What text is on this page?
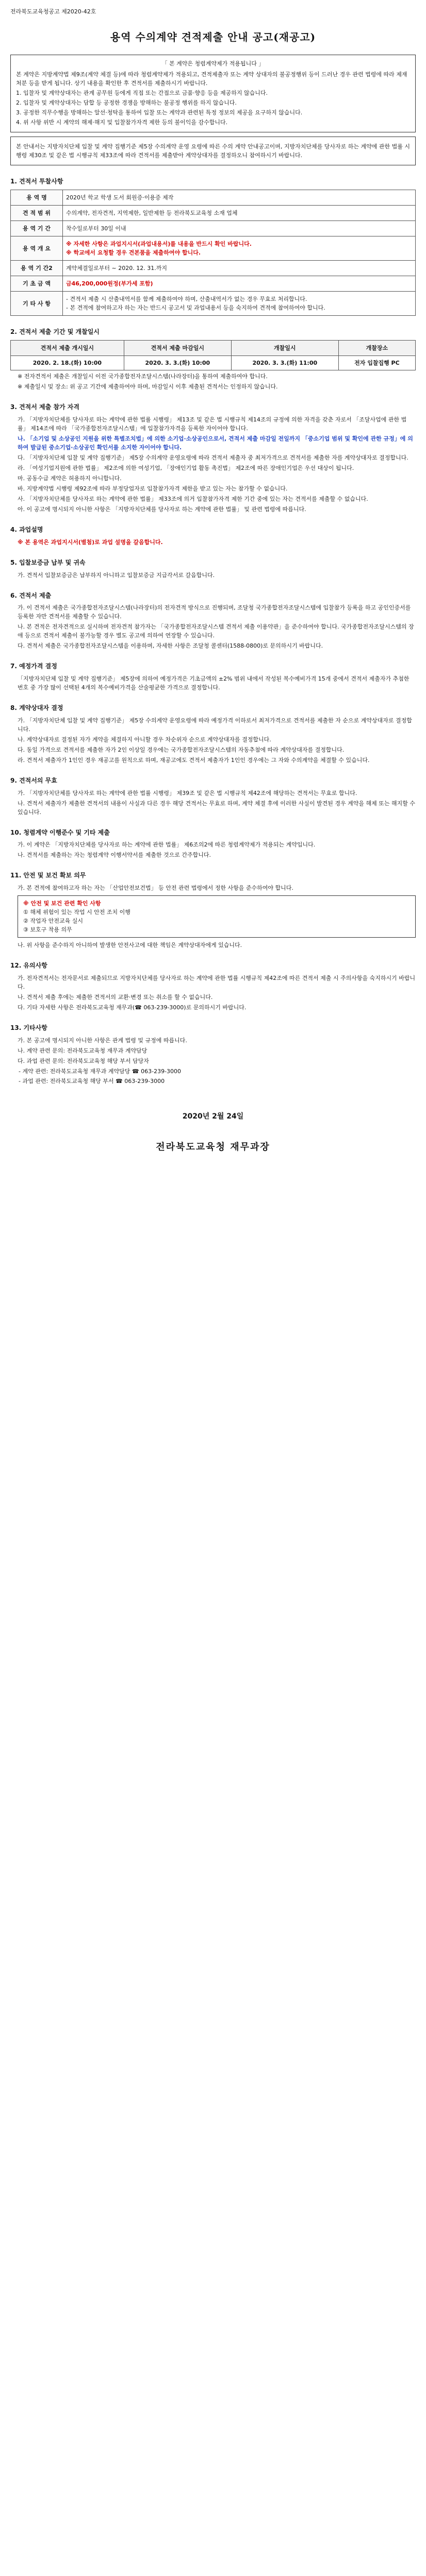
전라북도교육청공고 제2020-42호
용역 수의계약 견적제출 안내 공고(재공고)
「 본 계약은 청렴계약제가 적용됩니다 」

본 계약은 지방계약법 제9조(계약 체결 등)에 따라 청렴계약제가 적용되고, 견적제출자 또는 계약 상대자의 불공정행위 등이 드러난 경우 관련 법령에 따라 제재 처분 등을 받게 됩니다. 상기 내용을 확인한 후 견적서를 제출하시기 바랍니다.

1. 입찰자 및 계약상대자는 관계 공무원 등에게 직접 또는 간접으로 금품·향응 등을 제공하지 않습니다.

2. 입찰자 및 계약상대자는 담합 등 공정한 경쟁을 방해하는 불공정 행위를 하지 않습니다.

3. 공정한 직무수행을 방해하는 알선·청탁을 통하여 입찰 또는 계약과 관련된 특정 정보의 제공을 요구하지 않습니다.

4. 위 사항 위반 시 계약의 해제·해지 및 입찰참가자격 제한 등의 불이익을 감수합니다.

본 안내서는 지방자치단체 입찰 및 계약 집행기준 제5장 수의계약 운영 요령에 따른 수의 계약 안내공고이며, 지방자치단체를 당사자로 하는 계약에 관한 법률 시행령 제30조 및 같은 법 시행규칙 제33조에 따라 견적서를 제출받아 계약상대자를 결정하오니 참여하시기 바랍니다.

1. 견적서 투찰사항
용 역 명	2020년 학교 학생 도서 회원증·이용증 제작
견 적 범 위	수의계약, 전자견적, 지역제한, 일반제한 등 전라북도교육청 소재 업체
용 역 기 간	착수일로부터 30일 이내
용 역 개 요	※ 자세한 사항은 과업지시서(과업내용서)를 내용을 반드시 확인 바랍니다.
※ 학교에서 요청할 경우 견본품을 제출하여야 합니다.

용 역 기 간2	계약체결일로부터 ~ 2020. 12. 31.까지
기 초 금 액	금46,200,000원정(부가세 포함)
기 타 사 항	- 견적서 제출 시 산출내역서를 함께 제출하여야 하며, 산출내역서가 없는 경우 무효로 처리합니다.
- 본 견적에 참여하고자 하는 자는 반드시 공고서 및 과업내용서 등을 숙지하여 견적에 참여하여야 합니다.
2. 견적서 제출 기간 및 개찰일시
견적서 제출 개시일시	견적서 제출 마감일시	개찰일시	개찰장소
2020. 2. 18.(화) 10:00	2020. 3. 3.(화) 10:00	2020. 3. 3.(화) 11:00	전자 입찰집행 PC
※ 전자견적서 제출은 개찰일시 이전 국가종합전자조달시스템(나라장터)을 통하여 제출하여야 합니다.
※ 제출일시 및 장소: 위 공고 기간에 제출하여야 하며, 마감일시 이후 제출된 견적서는 인정하지 않습니다.
3. 견적서 제출 참가 자격
가. 「지방자치단체를 당사자로 하는 계약에 관한 법률 시행령」 제13조 및 같은 법 시행규칙 제14조의 규정에 의한 자격을 갖춘 자로서 「조달사업에 관한 법률」 제14조에 따라 「국가종합전자조달시스템」에 입찰참가자격을 등록한 자이어야 합니다.
나. 「소기업 및 소상공인 지원을 위한 특별조치법」에 의한 소기업·소상공인으로서, 견적서 제출 마감일 전일까지 「중소기업 범위 및 확인에 관한 규정」에 의하여 발급된 중소기업·소상공인 확인서를 소지한 자이어야 합니다.
다. 「지방자치단체 입찰 및 계약 집행기준」 제5장 수의계약 운영요령에 따라 견적서 제출자 중 최저가격으로 견적서를 제출한 자를 계약상대자로 결정합니다.
라. 「여성기업지원에 관한 법률」 제2조에 의한 여성기업, 「장애인기업 활동 촉진법」 제2조에 따른 장애인기업은 우선 대상이 됩니다.
마. 공동수급 계약은 허용하지 아니합니다.
바. 지방계약법 시행령 제92조에 따라 부정당업자로 입찰참가자격 제한을 받고 있는 자는 참가할 수 없습니다.
사. 「지방자치단체를 당사자로 하는 계약에 관한 법률」 제33조에 의거 입찰참가자격 제한 기간 중에 있는 자는 견적서를 제출할 수 없습니다.
아. 이 공고에 명시되지 아니한 사항은 「지방자치단체를 당사자로 하는 계약에 관한 법률」 및 관련 법령에 따릅니다.
4. 과업설명
※ 본 용역은 과업지시서(별첨)로 과업 설명을 갈음합니다.
5. 입찰보증금 납부 및 귀속
가. 견적서 입찰보증금은 납부하지 아니하고 입찰보증금 지급각서로 갈음합니다.
6. 견적서 제출
가. 이 견적서 제출은 국가종합전자조달시스템(나라장터)의 전자견적 방식으로 진행되며, 조달청 국가종합전자조달시스템에 입찰참가 등록을 하고 공인인증서를 등록한 자만 견적서를 제출할 수 있습니다.
나. 본 견적은 전자견적으로 실시하며 전자견적 참가자는 「국가종합전자조달시스템 견적서 제출 이용약관」을 준수하여야 합니다. 국가종합전자조달시스템의 장애 등으로 견적서 제출이 불가능할 경우 별도 공고에 의하여 연장할 수 있습니다.
다. 견적서 제출은 국가종합전자조달시스템을 이용하며, 자세한 사항은 조달청 콜센터(1588-0800)로 문의하시기 바랍니다.
7. 예정가격 결정
「지방자치단체 입찰 및 계약 집행기준」 제5장에 의하여 예정가격은 기초금액의 ±2% 범위 내에서 작성된 복수예비가격 15개 중에서 견적서 제출자가 추첨한 번호 중 가장 많이 선택된 4개의 복수예비가격을 산술평균한 가격으로 결정합니다.
8. 계약상대자 결정
가. 「지방자치단체 입찰 및 계약 집행기준」 제5장 수의계약 운영요령에 따라 예정가격 이하로서 최저가격으로 견적서를 제출한 자 순으로 계약상대자로 결정합니다.
나. 계약상대자로 결정된 자가 계약을 체결하지 아니할 경우 차순위자 순으로 계약상대자를 결정합니다.
다. 동일 가격으로 견적서를 제출한 자가 2인 이상일 경우에는 국가종합전자조달시스템의 자동추첨에 따라 계약상대자를 결정합니다.
라. 견적서 제출자가 1인인 경우 재공고를 원칙으로 하며, 재공고에도 견적서 제출자가 1인인 경우에는 그 자와 수의계약을 체결할 수 있습니다.
9. 견적서의 무효
가. 「지방자치단체를 당사자로 하는 계약에 관한 법률 시행령」 제39조 및 같은 법 시행규칙 제42조에 해당하는 견적서는 무효로 합니다.
나. 견적서 제출자가 제출한 견적서의 내용이 사실과 다른 경우 해당 견적서는 무효로 하며, 계약 체결 후에 이러한 사실이 발견된 경우 계약을 해제 또는 해지할 수 있습니다.
10. 청렴계약 이행준수 및 기타 제출
가. 이 계약은 「지방자치단체를 당사자로 하는 계약에 관한 법률」 제6조의2에 따른 청렴계약제가 적용되는 계약입니다.
나. 견적서를 제출하는 자는 청렴계약 이행서약서를 제출한 것으로 간주합니다.
11. 안전 및 보건 확보 의무
가. 본 견적에 참여하고자 하는 자는 「산업안전보건법」 등 안전 관련 법령에서 정한 사항을 준수하여야 합니다.
※ 안전 및 보건 관련 확인 사항
① 해체 위험이 있는 작업 시 안전 조치 이행
② 작업자 안전교육 실시
③ 보호구 착용 의무
나. 위 사항을 준수하지 아니하여 발생한 안전사고에 대한 책임은 계약상대자에게 있습니다.
12. 유의사항
가. 전자견적서는 전자문서로 제출되므로 지방자치단체를 당사자로 하는 계약에 관한 법률 시행규칙 제42조에 따른 견적서 제출 시 주의사항을 숙지하시기 바랍니다.
나. 견적서 제출 후에는 제출한 견적서의 교환·변경 또는 취소를 할 수 없습니다.
다. 기타 자세한 사항은 전라북도교육청 재무과(☎ 063-239-3000)로 문의하시기 바랍니다.
13. 기타사항
가. 본 공고에 명시되지 아니한 사항은 관계 법령 및 규정에 따릅니다.
나. 계약 관련 문의: 전라북도교육청 재무과 계약담당
다. 과업 관련 문의: 전라북도교육청 해당 부서 담당자
- 계약 관련: 전라북도교육청 재무과 계약담당 ☎ 063-239-3000
- 과업 관련: 전라북도교육청 해당 부서 ☎ 063-239-3000
2020년 2월 24일
전라북도교육청 재무과장
